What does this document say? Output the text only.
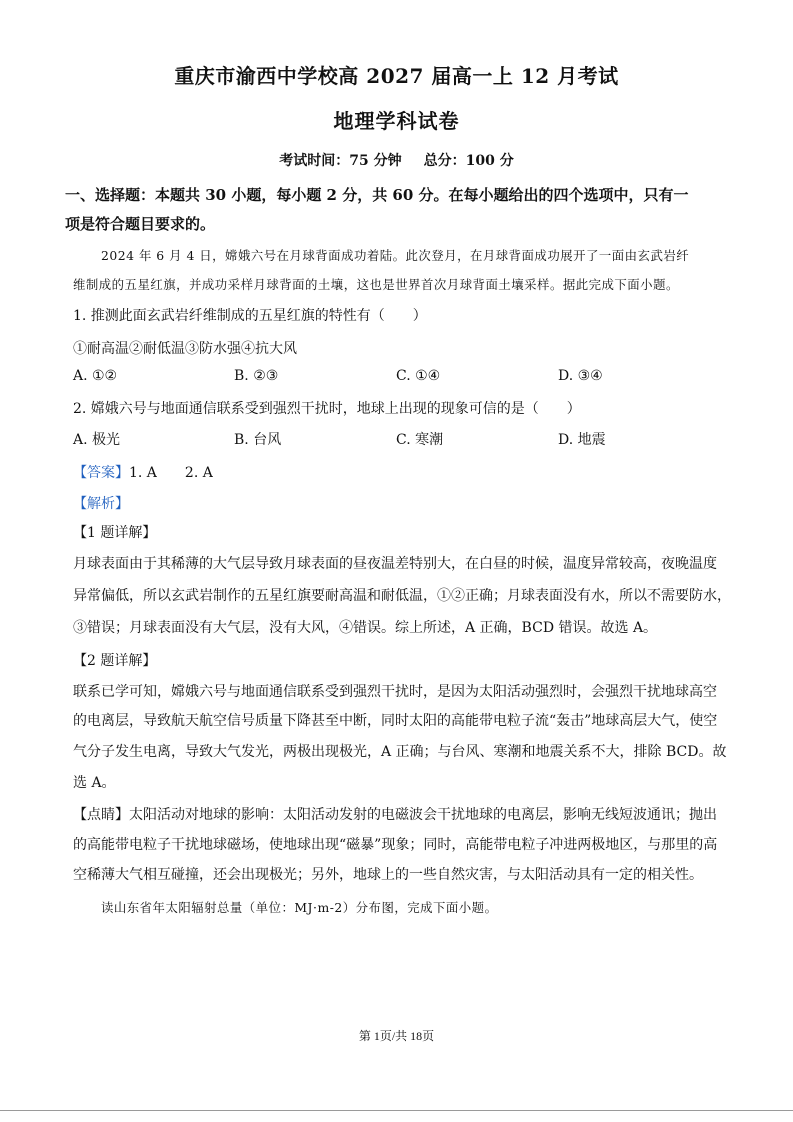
重庆市渝西中学校高 2027 届高一上 12 月考试
地理学科试卷
考试时间：75 分钟 总分：100 分
一、选择题：本题共 30 小题，每小题 2 分，共 60 分。在每小题给出的四个选项中，只有一
项是符合题目要求的。
2024 年 6 月 4 日，嫦娥六号在月球背面成功着陆。此次登月，在月球背面成功展开了一面由玄武岩纤
维制成的五星红旗，并成功采样月球背面的土壤，这也是世界首次月球背面土壤采样。据此完成下面小题。
1. 推测此面玄武岩纤维制成的五星红旗的特性有（　　）
①耐高温②耐低温③防水强④抗大风
A. ①②	B. ②③	C. ①④	D. ③④
2. 嫦娥六号与地面通信联系受到强烈干扰时，地球上出现的现象可信的是（　　）
A. 极光	B. 台风	C. 寒潮	D. 地震
【答案】1. A　　2. A
【解析】
【1 题详解】
月球表面由于其稀薄的大气层导致月球表面的昼夜温差特别大，在白昼的时候，温度异常较高，夜晚温度
异常偏低，所以玄武岩制作的五星红旗要耐高温和耐低温，①②正确；月球表面没有水，所以不需要防水，
③错误；月球表面没有大气层，没有大风，④错误。综上所述，A 正确，BCD 错误。故选 A。
【2 题详解】
联系已学可知，嫦娥六号与地面通信联系受到强烈干扰时，是因为太阳活动强烈时，会强烈干扰地球高空
的电离层，导致航天航空信号质量下降甚至中断，同时太阳的高能带电粒子流“轰击”地球高层大气，使空
气分子发生电离，导致大气发光，两极出现极光，A 正确；与台风、寒潮和地震关系不大，排除 BCD。故
选 A。
【点睛】太阳活动对地球的影响：太阳活动发射的电磁波会干扰地球的电离层，影响无线短波通讯；抛出
的高能带电粒子干扰地球磁场，使地球出现“磁暴”现象；同时，高能带电粒子冲进两极地区，与那里的高
空稀薄大气相互碰撞，还会出现极光；另外，地球上的一些自然灾害，与太阳活动具有一定的相关性。
读山东省年太阳辐射总量（单位：MJ·m-2）分布图，完成下面小题。
第 1页/共 18页
